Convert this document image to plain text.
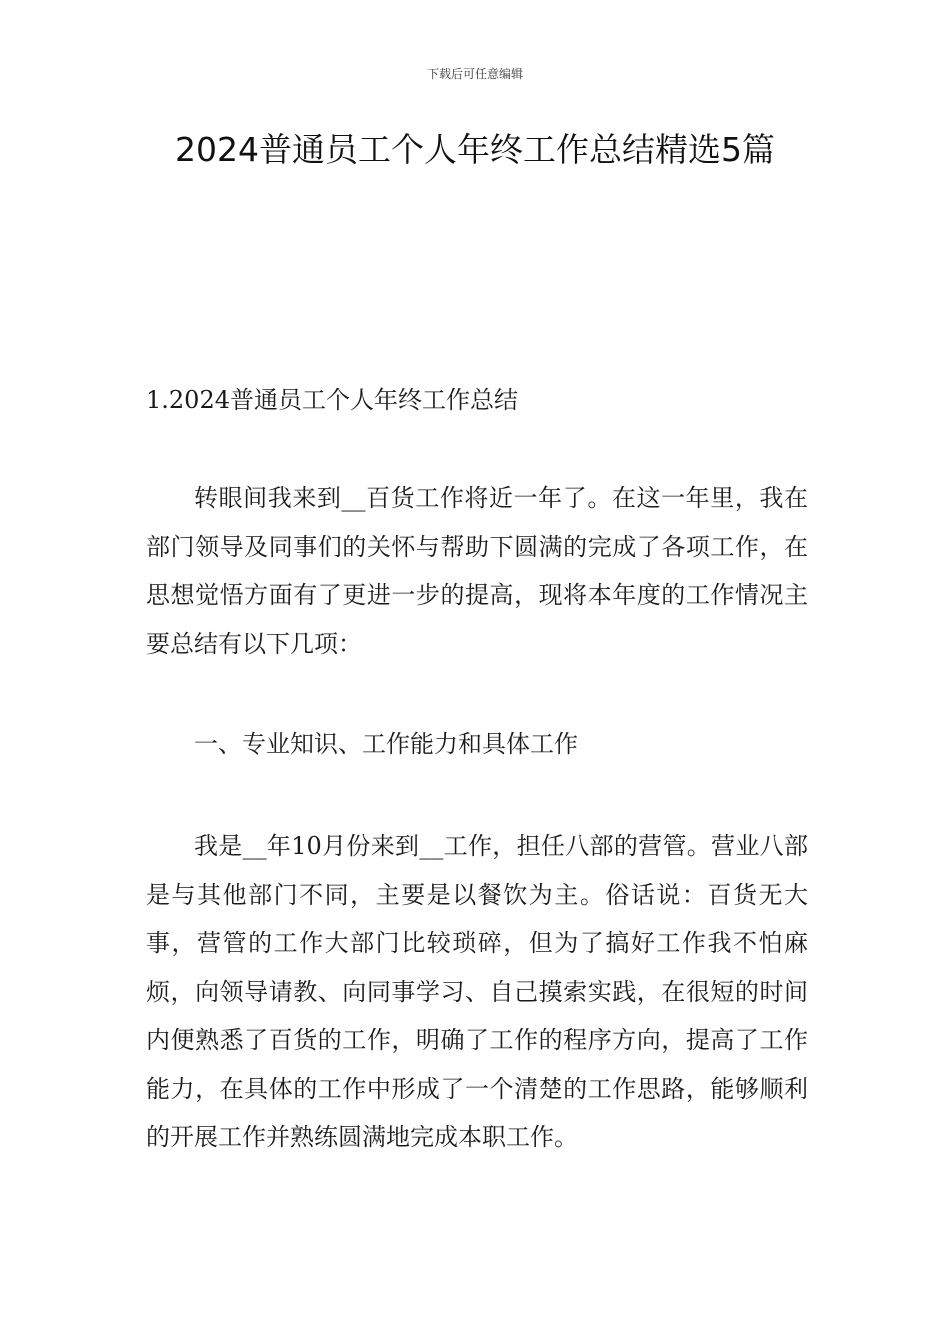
下载后可任意编辑
2024普通员工个人年终工作总结精选5篇
1.2024普通员工个人年终工作总结

转眼间我来到__百货工作将近一年了。在这一年里，我在部门领导及同事们的关怀与帮助下圆满的完成了各项工作，在思想觉悟方面有了更进一步的提高，现将本年度的工作情况主要总结有以下几项：

一、专业知识、工作能力和具体工作

我是__年10月份来到__工作，担任八部的营管。营业八部是与其他部门不同，主要是以餐饮为主。俗话说：百货无大事，营管的工作大部门比较琐碎，但为了搞好工作我不怕麻烦，向领导请教、向同事学习、自己摸索实践，在很短的时间内便熟悉了百货的工作，明确了工作的程序方向，提高了工作能力，在具体的工作中形成了一个清楚的工作思路，能够顺利的开展工作并熟练圆满地完成本职工作。
